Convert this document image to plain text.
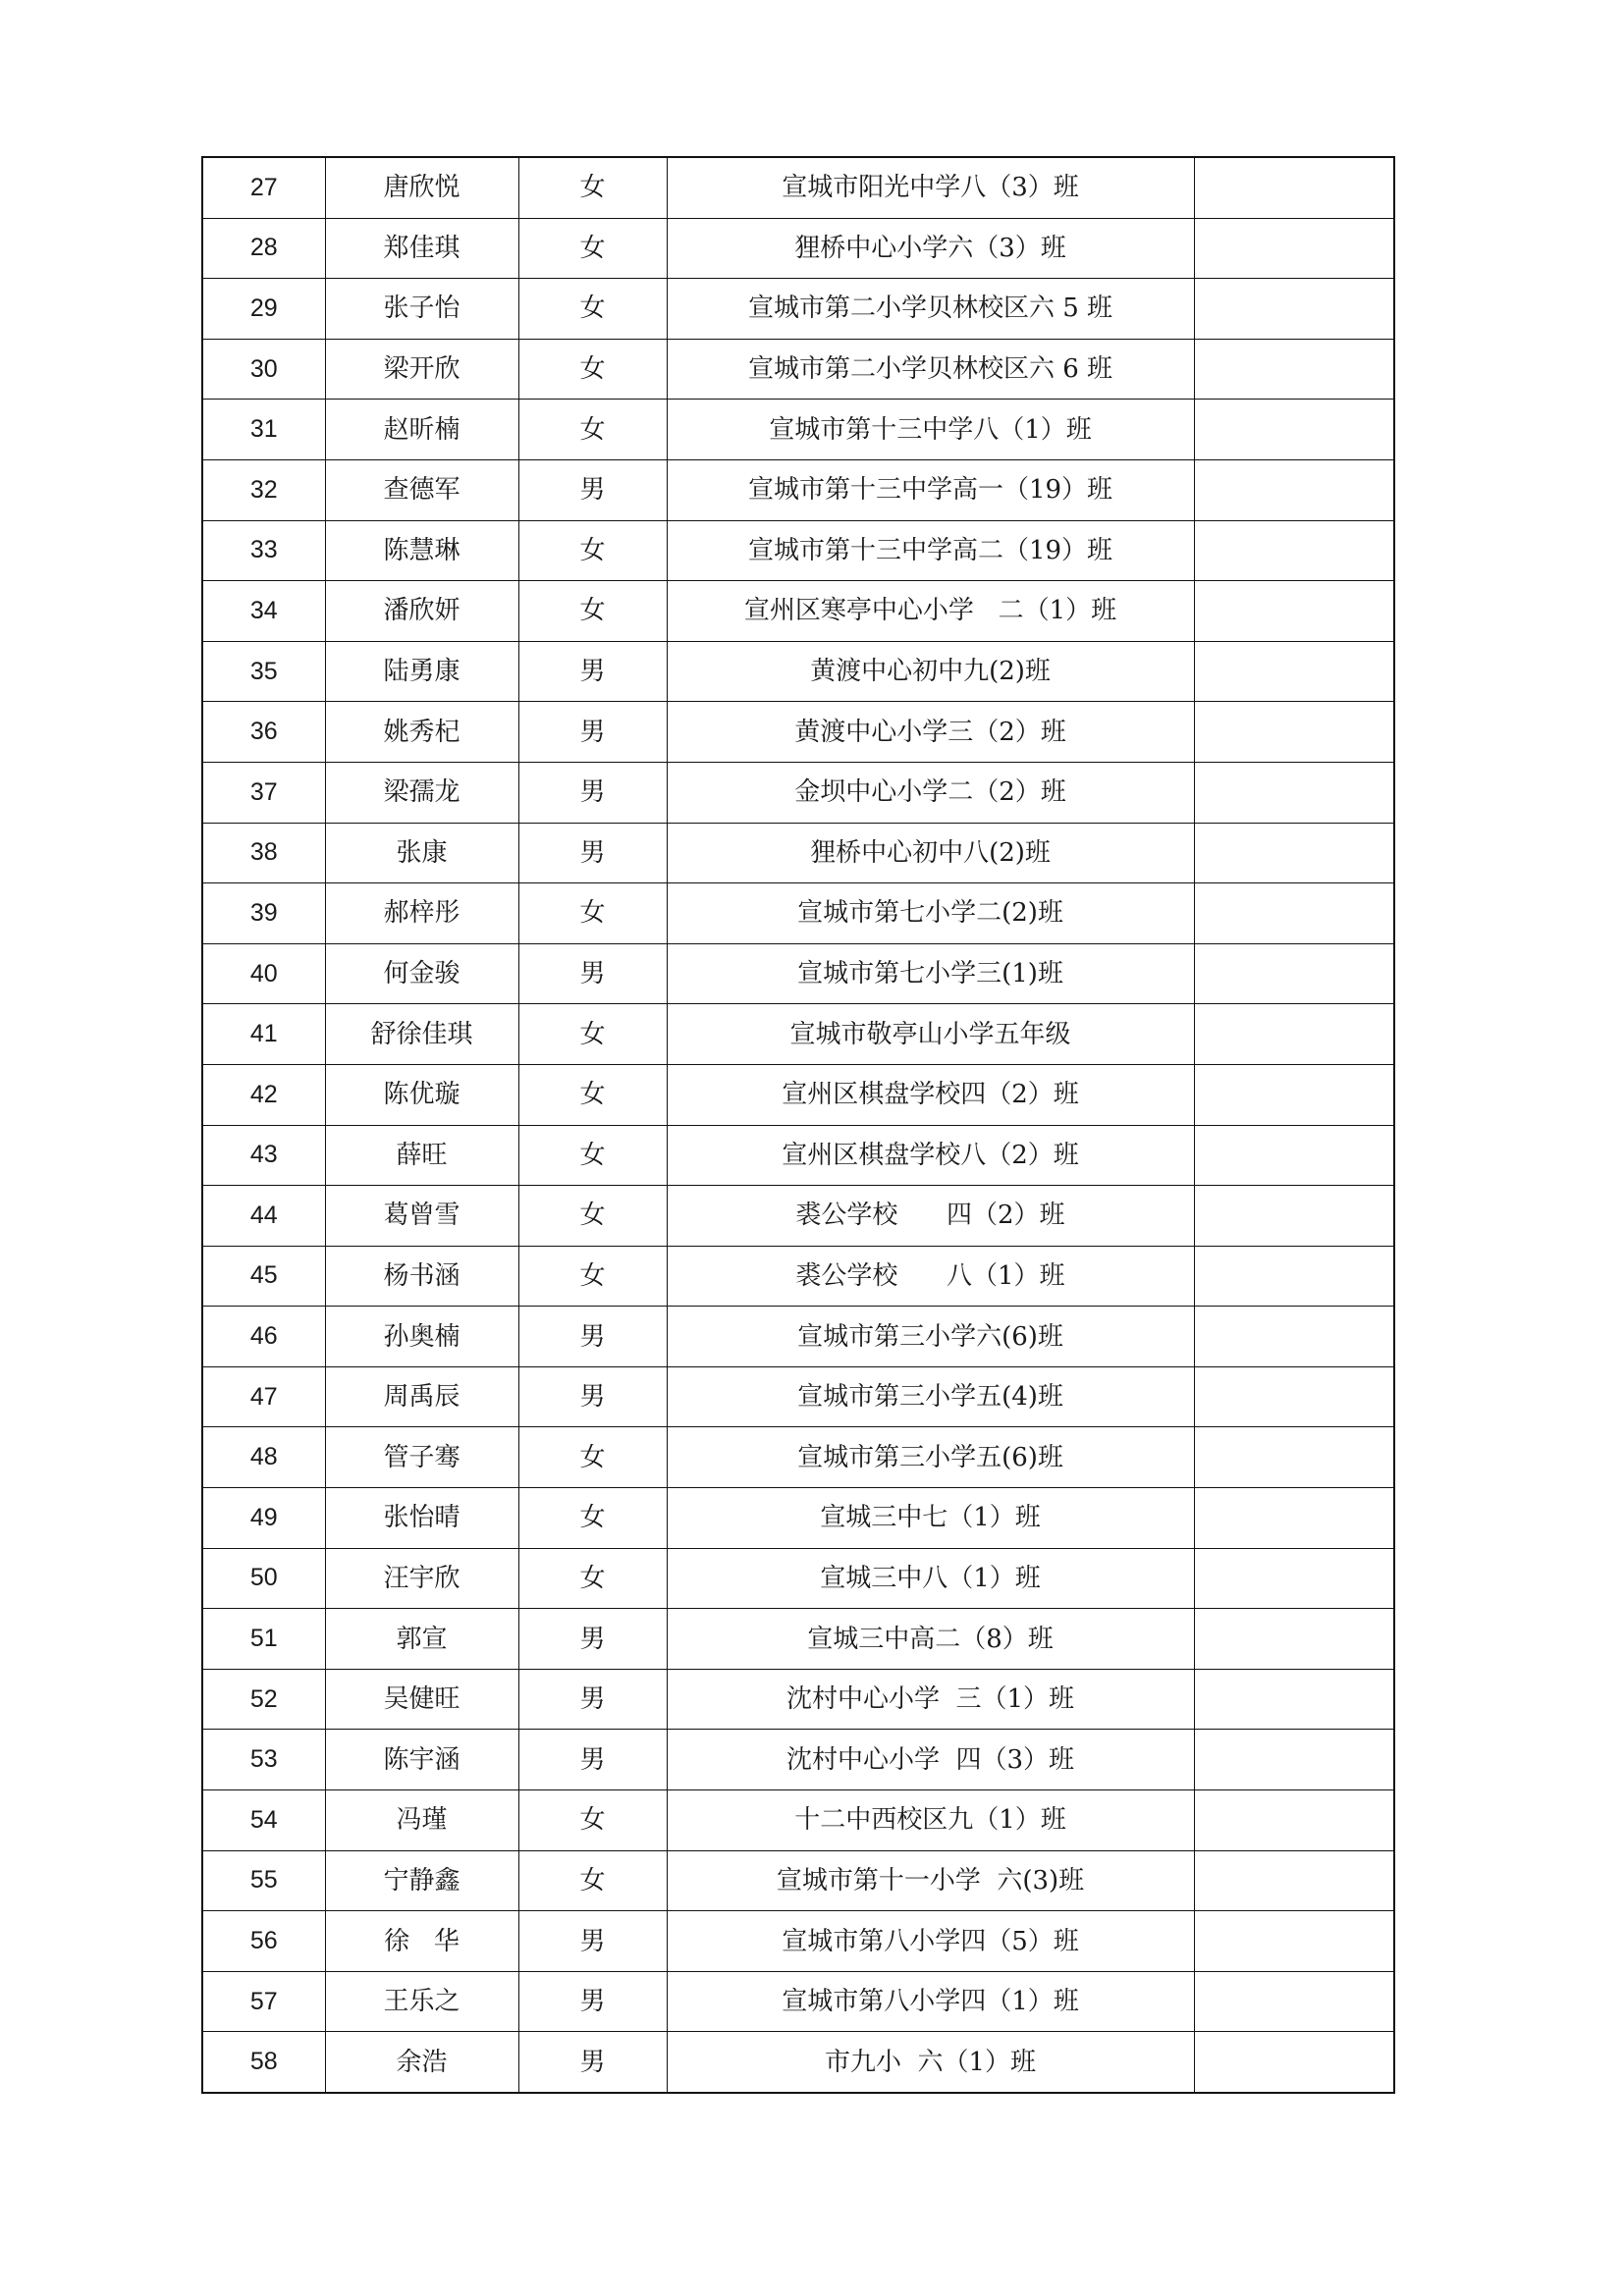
27	唐欣悦	女	宣城市阳光中学八（3）班	
28	郑佳琪	女	狸桥中心小学六（3）班	
29	张子怡	女	宣城市第二小学贝林校区六 5 班	
30	梁开欣	女	宣城市第二小学贝林校区六 6 班	
31	赵昕楠	女	宣城市第十三中学八（1）班	
32	查德军	男	宣城市第十三中学高一（19）班	
33	陈慧琳	女	宣城市第十三中学高二（19）班	
34	潘欣妍	女	宣州区寒亭中心小学   二（1）班	
35	陆勇康	男	黄渡中心初中九(2)班	
36	姚秀杞	男	黄渡中心小学三（2）班	
37	梁孺龙	男	金坝中心小学二（2）班	
38	张康	男	狸桥中心初中八(2)班	
39	郝梓彤	女	宣城市第七小学二(2)班	
40	何金骏	男	宣城市第七小学三(1)班	
41	舒徐佳琪	女	宣城市敬亭山小学五年级	
42	陈优璇	女	宣州区棋盘学校四（2）班	
43	薛旺	女	宣州区棋盘学校八（2）班	
44	葛曾雪	女	裘公学校      四（2）班	
45	杨书涵	女	裘公学校      八（1）班	
46	孙奥楠	男	宣城市第三小学六(6)班	
47	周禹辰	男	宣城市第三小学五(4)班	
48	管子骞	女	宣城市第三小学五(6)班	
49	张怡晴	女	宣城三中七（1）班	
50	汪宇欣	女	宣城三中八（1）班	
51	郭宣	男	宣城三中高二（8）班	
52	吴健旺	男	沈村中心小学  三（1）班	
53	陈宇涵	男	沈村中心小学  四（3）班	
54	冯瑾	女	十二中西校区九（1）班	
55	宁静鑫	女	宣城市第十一小学  六(3)班	
56	徐   华	男	宣城市第八小学四（5）班	
57	王乐之	男	宣城市第八小学四（1）班	
58	余浩	男	市九小  六（1）班	
